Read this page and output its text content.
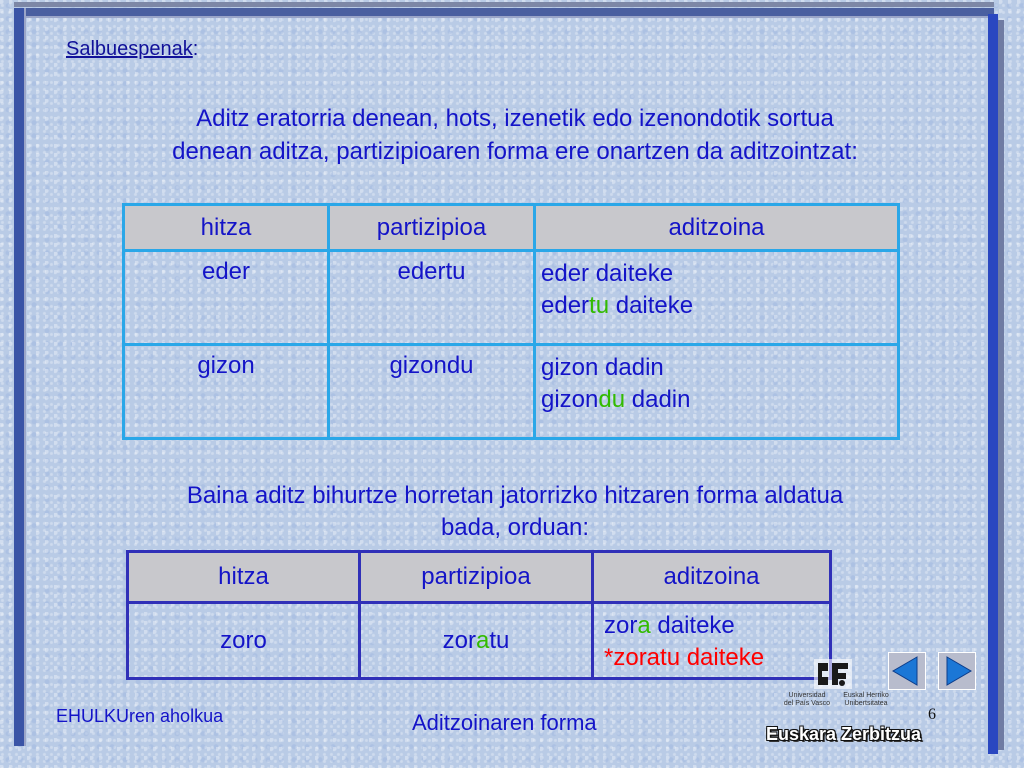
Salbuespenak:
Aditz eratorria denean, hots, izenetik edo izenondotik sortua
denean aditza, partizipioaren forma ere onartzen da aditzointzat:
hitza	partizipioa	aditzoina
eder	edertu	eder daiteke
edertu daiteke

gizon	gizondu	gizon dadin
gizondu dadin
Baina aditz bihurtze horretan jatorrizko hitzaren forma aldatua
bada, orduan:
hitza	partizipioa	aditzoina
zoro	zoratu	zora daiteke
*zoratu daiteke
Universidad
del País Vasco
Euskal Herriko
Unibertsitatea
Euskara Zerbitzua
EHULKUren aholkua	Aditzoinaren forma	6
